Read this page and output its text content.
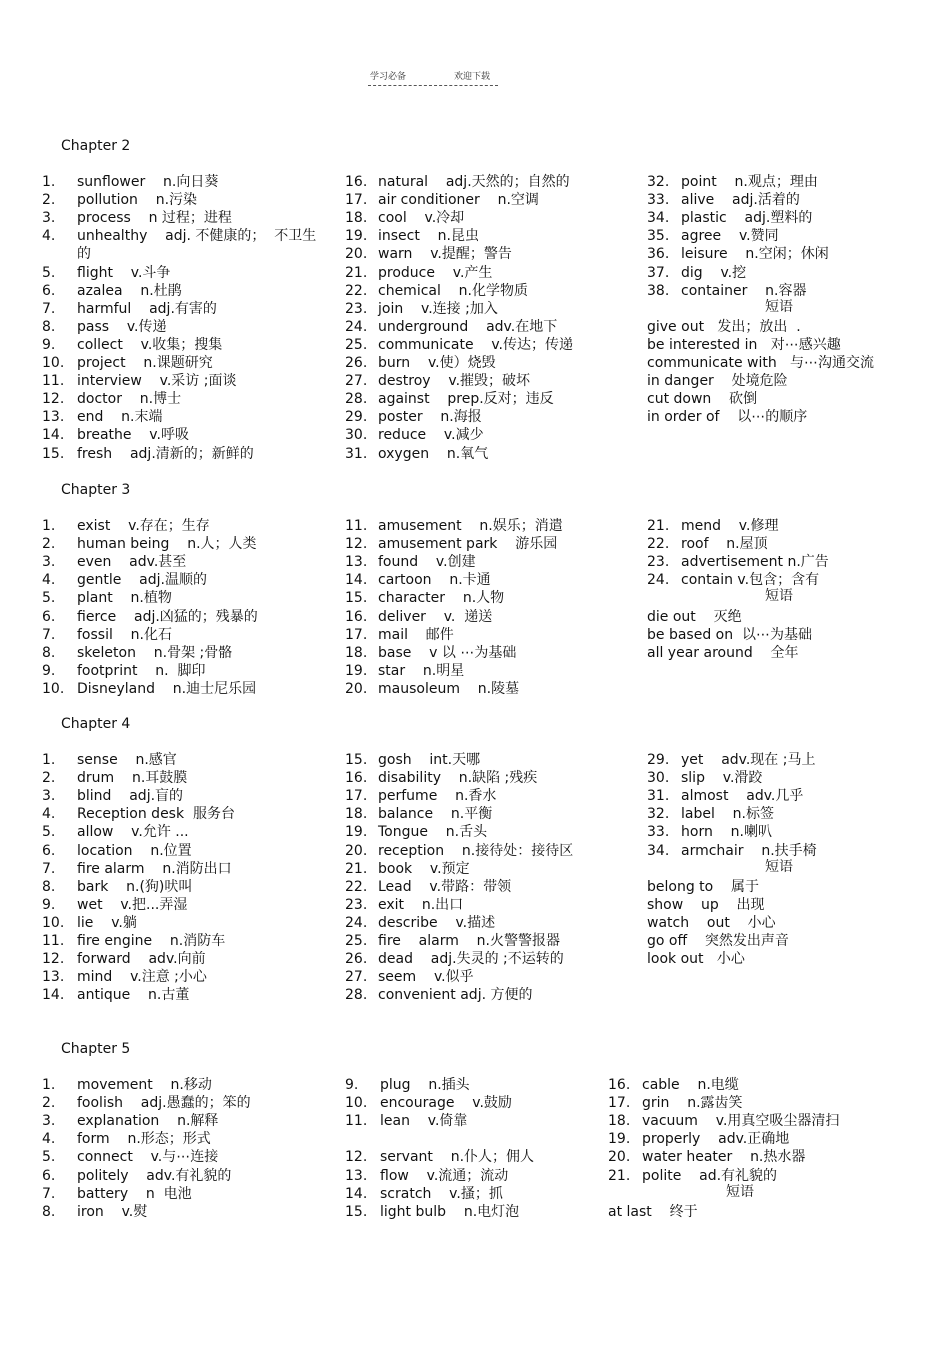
学习必备	欢迎下载
Chapter 2
1. sunflower    n.向日葵
2. pollution    n.污染
3. process    n 过程；进程
4. unhealthy    adj. 不健康的；  不卫生
的
5. flight    v.斗争
6. azalea    n.杜鹃
7. harmful    adj.有害的
8. pass    v.传递
9. collect    v.收集；搜集
10. project    n.课题研究
11. interview    v.采访 ;面谈
12. doctor    n.博士
13. end    n.末端
14. breathe    v.呼吸
15. fresh    adj.清新的；新鲜的
16. natural    adj.天然的；自然的
17. air conditioner    n.空调
18. cool    v.冷却
19. insect    n.昆虫
20. warn    v.提醒；警告
21. produce    v.产生
22. chemical    n.化学物质
23. join    v.连接 ;加入
24. underground    adv.在地下
25. communicate    v.传达；传递
26. burn    v.使）烧毁
27. destroy    v.摧毁；破坏
28. against    prep.反对；违反
29. poster    n.海报
30. reduce    v.减少
31. oxygen    n.氧气
32. point    n.观点；理由
33. alive    adj.活着的
34. plastic    adj.塑料的
35. agree    v.赞同
36. leisure    n.空闲；休闲
37. dig    v.挖
38. container    n.容器
短语
give out   发出；放出  .
be interested in   对⋯感兴趣
communicate with   与⋯沟通交流
in danger    处境危险
cut down    砍倒
in order of    以⋯的顺序
Chapter 3
1. exist    v.存在；生存
2. human being    n.人；人类
3. even    adv.甚至
4. gentle    adj.温顺的
5. plant    n.植物
6. fierce    adj.凶猛的；残暴的
7. fossil    n.化石
8. skeleton    n.骨架 ;骨骼
9. footprint    n.  脚印
10. Disneyland    n.迪士尼乐园
11. amusement    n.娱乐；消遣
12. amusement park    游乐园
13. found    v.创建
14. cartoon    n.卡通
15. character    n.人物
16. deliver    v.  递送
17. mail    邮件
18. base    v 以 ⋯为基础
19. star    n.明星
20. mausoleum    n.陵墓
21. mend    v.修理
22. roof    n.屋顶
23. advertisement n.广告
24. contain v.包含；含有
短语
die out    灭绝
be based on  以⋯为基础
all year around    全年
Chapter 4
1. sense    n.感官
2. drum    n.耳鼓膜
3. blind    adj.盲的
4. Reception desk  服务台
5. allow    v.允许 ...
6. location    n.位置
7. fire alarm    n.消防出口
8. bark    n.(狗)吠叫
9. wet    v.把...弄湿
10. lie    v.躺
11. fire engine    n.消防车
12. forward    adv.向前
13. mind    v.注意 ;小心
14. antique    n.古董
15. gosh    int.天哪
16. disability    n.缺陷 ;残疾
17. perfume    n.香水
18. balance    n.平衡
19. Tongue    n.舌头
20. reception    n.接待处：接待区
21. book    v.预定
22. Lead    v.带路：带领
23. exit    n.出口
24. describe    v.描述
25. fire    alarm    n.火警警报器
26. dead    adj.失灵的 ;不运转的
27. seem    v.似乎
28. convenient adj. 方便的
29. yet    adv.现在 ;马上
30. slip    v.滑跤
31. almost    adv.几乎
32. label    n.标签
33. horn    n.喇叭
34. armchair    n.扶手椅
短语
belong to    属于
show    up    出现
watch    out    小心
go off    突然发出声音
look out   小心
Chapter 5
1. movement    n.移动
2. foolish    adj.愚蠢的；笨的
3. explanation    n.解释
4. form    n.形态；形式
5. connect    v.与⋯连接
6. politely    adv.有礼貌的
7. battery    n  电池
8. iron    v.熨
9. plug    n.插头
10. encourage    v.鼓励
11. lean    v.倚靠
12. servant    n.仆人；佣人
13. flow    v.流通；流动
14. scratch    v.搔；抓
15. light bulb    n.电灯泡
16. cable    n.电缆
17. grin    n.露齿笑
18. vacuum    v.用真空吸尘器清扫
19. properly    adv.正确地
20. water heater    n.热水器
21. polite    ad.有礼貌的
短语
at last    终于
